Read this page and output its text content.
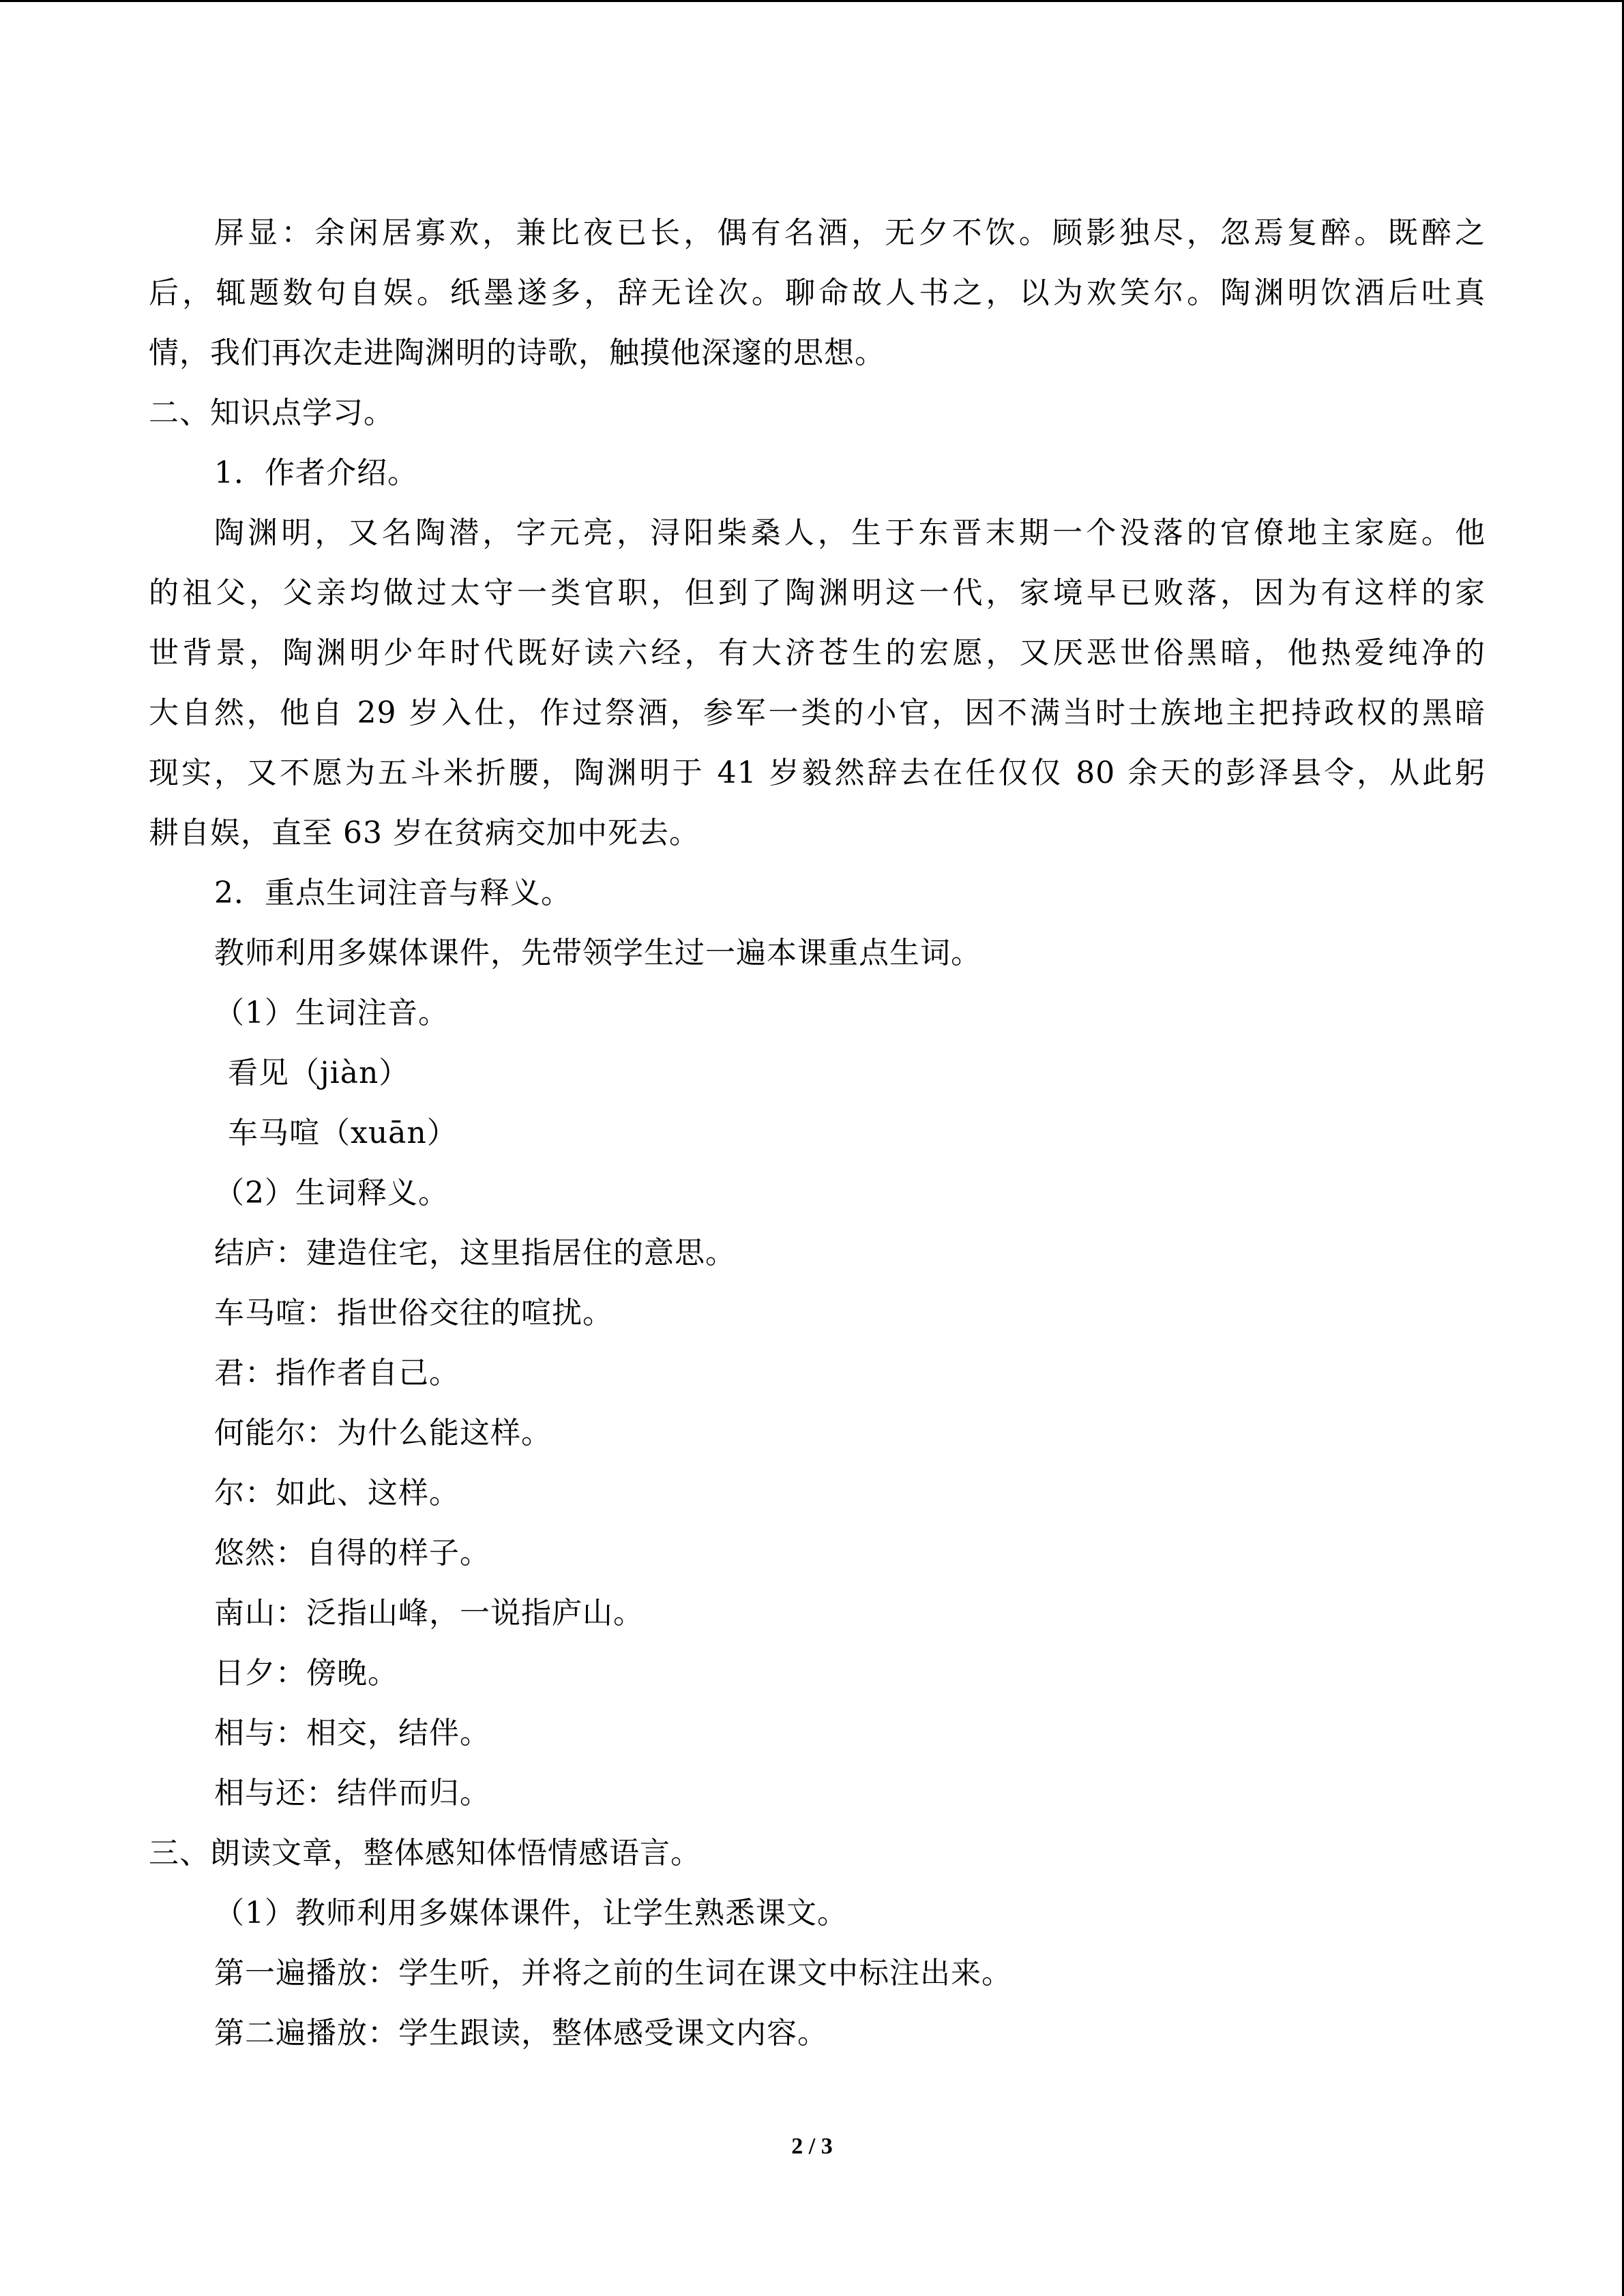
屏显：余闲居寡欢，兼比夜已长，偶有名酒，无夕不饮。顾影独尽，忽焉复醉。既醉之
后，辄题数句自娱。纸墨遂多，辞无诠次。聊命故人书之，以为欢笑尔。陶渊明饮酒后吐真
情，我们再次走进陶渊明的诗歌，触摸他深邃的思想。
二、知识点学习。
1．作者介绍。
陶渊明，又名陶潜，字元亮，浔阳柴桑人，生于东晋末期一个没落的官僚地主家庭。他
的祖父，父亲均做过太守一类官职，但到了陶渊明这一代，家境早已败落，因为有这样的家
世背景，陶渊明少年时代既好读六经，有大济苍生的宏愿，又厌恶世俗黑暗，他热爱纯净的
大自然，他自 29 岁入仕，作过祭酒，参军一类的小官，因不满当时士族地主把持政权的黑暗
现实，又不愿为五斗米折腰，陶渊明于 41 岁毅然辞去在任仅仅 80 余天的彭泽县令，从此躬
耕自娱，直至 63 岁在贫病交加中死去。
2．重点生词注音与释义。
教师利用多媒体课件，先带领学生过一遍本课重点生词。
（1）生词注音。
看见（jiàn）
车马喧（xuān）
（2）生词释义。
结庐：建造住宅，这里指居住的意思。
车马喧：指世俗交往的喧扰。
君：指作者自己。
何能尔：为什么能这样。
尔：如此、这样。
悠然：自得的样子。
南山：泛指山峰，一说指庐山。
日夕：傍晚。
相与：相交，结伴。
相与还：结伴而归。
三、朗读文章，整体感知体悟情感语言。
（1）教师利用多媒体课件，让学生熟悉课文。
第一遍播放：学生听，并将之前的生词在课文中标注出来。
第二遍播放：学生跟读，整体感受课文内容。
2 / 3
